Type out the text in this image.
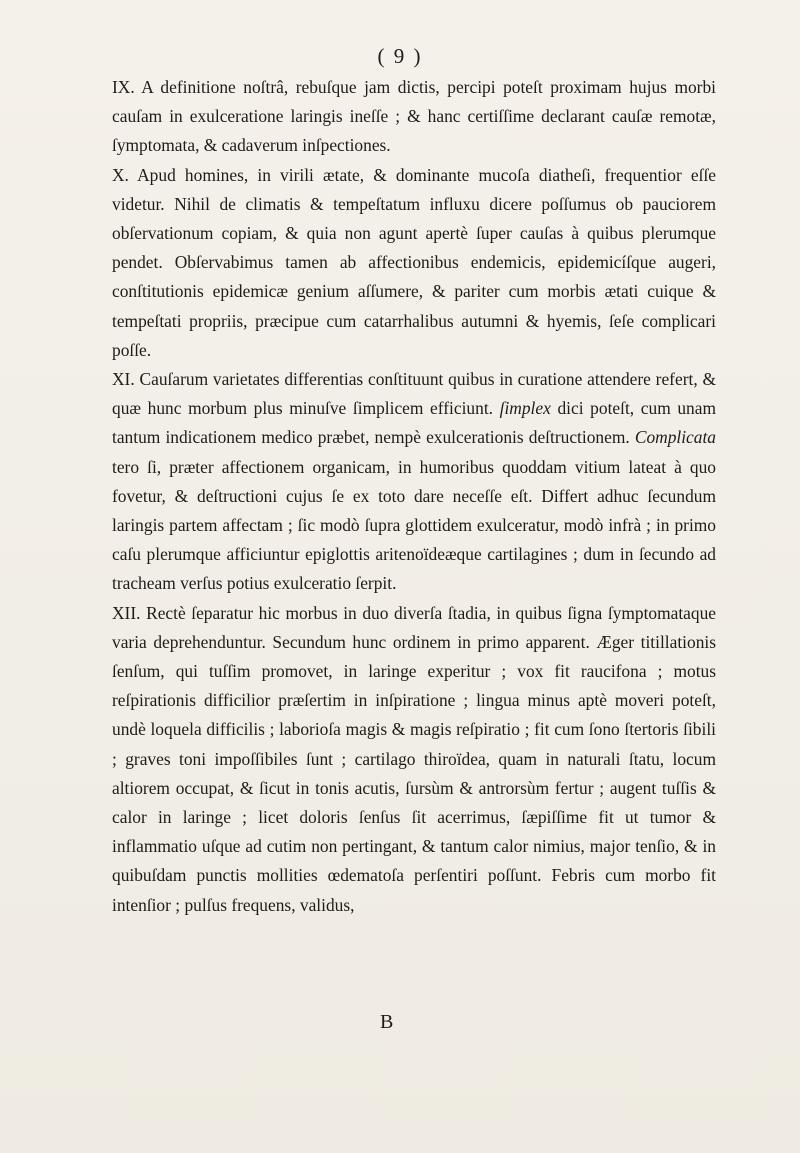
( 9 )

IX. A definitione noſtrâ, rebuſque jam dictis, percipi poteſt proximam hujus morbi cauſam in exulceratione laringis ineſſe ; & hanc certiſſime declarant cauſæ remotæ, ſymptomata, & cadaverum inſpectiones.

X. Apud homines, in virili ætate, & dominante mucoſa diatheſi, frequentior eſſe videtur. Nihil de climatis & tempeſtatum influxu dicere poſſumus ob pauciorem obſervationum copiam, & quia non agunt apertè ſuper cauſas à quibus plerumque pendet. Obſervabimus tamen ab affectionibus endemicis, epidemicíſque augeri, conſtitutionis epidemicæ genium aſſumere, & pariter cum morbis ætati cuique & tempeſtati propriis, præcipue cum catarrhalibus autumni & hyemis, ſeſe complicari poſſe.

XI. Cauſarum varietates differentias conſtituunt quibus in curatione attendere refert, & quæ hunc morbum plus minuſve ſimplicem efficiunt. ſimplex dici poteſt, cum unam tantum indicationem medico præbet, nempè exulcerationis deſtructionem. Complicata tero ſi, præter affectionem organicam, in humoribus quoddam vitium lateat à quo fovetur, & deſtructioni cujus ſe ex toto dare neceſſe eſt. Differt adhuc ſecundum laringis partem affectam ; ſic modò ſupra glottidem exulceratur, modò infrà ; in primo caſu plerumque afficiuntur epiglottis aritenoïdeæque cartilagines ; dum in ſecundo ad tracheam verſus potius exulceratio ſerpit.

XII. Rectè ſeparatur hic morbus in duo diverſa ſtadia, in quibus ſigna ſymptomataque varia deprehenduntur. Secundum hunc ordinem in primo apparent. Æger titillationis ſenſum, qui tuſſim promovet, in laringe experitur ; vox fit raucifona ; motus reſpirationis difficilior præſertim in inſpiratione ; lingua minus aptè moveri poteſt, undè loquela difficilis ; laborioſa magis & magis reſpiratio ; fit cum ſono ſtertoris ſibili ; graves toni impoſſibiles ſunt ; cartilago thiroïdea, quam in naturali ſtatu, locum altiorem occupat, & ſicut in tonis acutis, ſursùm & antrorsùm fertur ; augent tuſſis & calor in laringe ; licet doloris ſenſus ſit acerrimus, ſæpiſſime fit ut tumor & inflammatio uſque ad cutim non pertingant, & tantum calor nimius, major tenſio, & in quibuſdam punctis mollities œdematoſa perſentiri poſſunt. Febris cum morbo fit intenſior ; pulſus frequens, validus,

B
